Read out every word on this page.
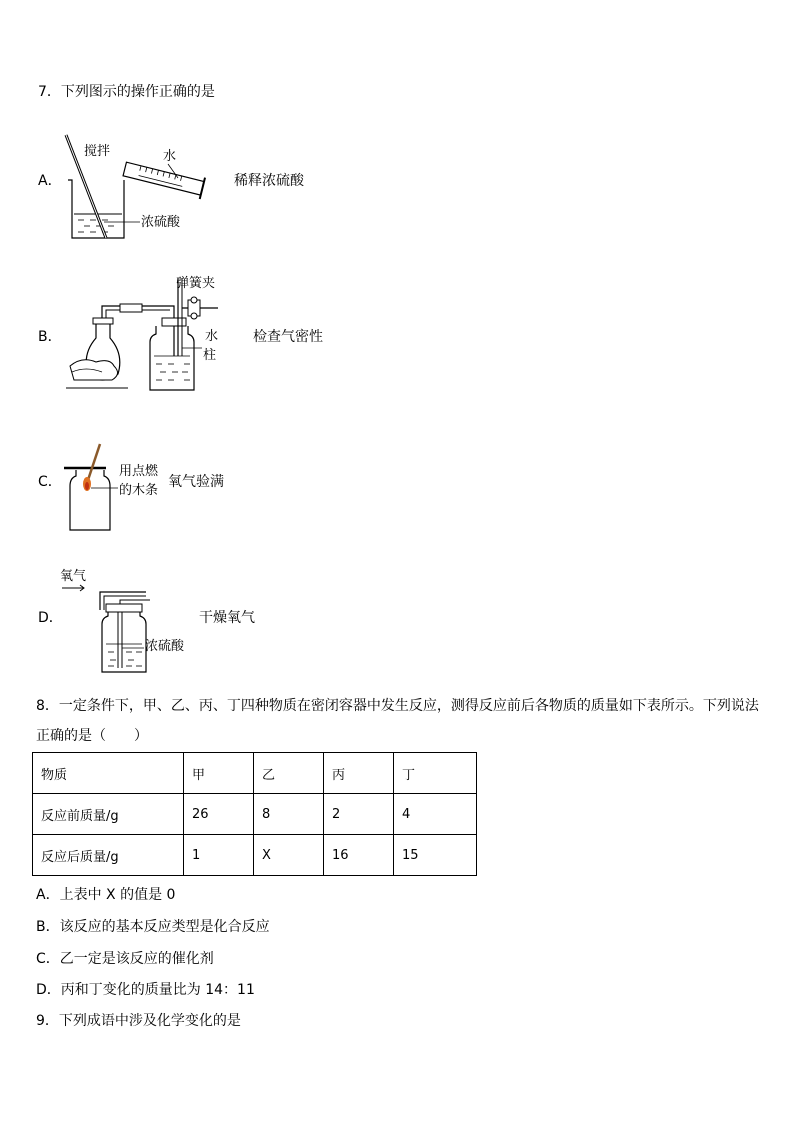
7．下列图示的操作正确的是
A．
搅拌	水
浓硫酸
稀释浓硫酸
B．
弹簧夹
水
柱
检查气密性
C．
用点燃
的木条
氧气验满
D．
氧气
浓硫酸
干燥氧气
8．一定条件下，甲、乙、丙、丁四种物质在密闭容器中发生反应，测得反应前后各物质的质量如下表所示。下列说法
正确的是（　　）
物质	甲	乙	丙	丁
反应前质量/g	26	8	2	4
反应后质量/g	1	X	16	15
A．上表中 X 的值是 0
B．该反应的基本反应类型是化合反应
C．乙一定是该反应的催化剂
D．丙和丁变化的质量比为 14：11
9．下列成语中涉及化学变化的是
